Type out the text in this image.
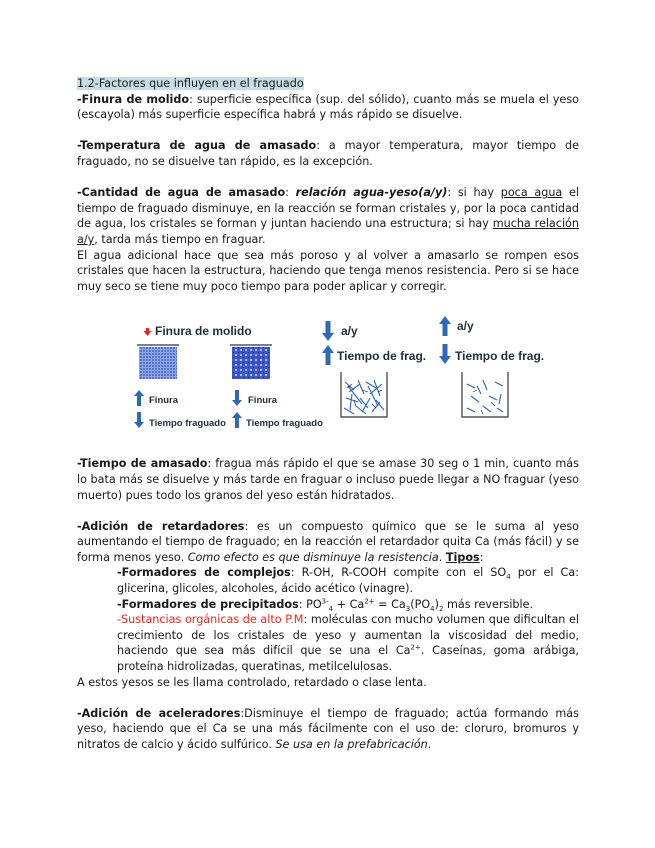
1.2-Factores que influyen en el fraguado

-Finura de molido: superficie específica (sup. del sólido), cuanto más se muela el yeso (escayola) más superficie específica habrá y más rápido se disuelve.

-Temperatura de agua de amasado: a mayor temperatura, mayor tiempo de fraguado, no se disuelve tan rápido, es la excepción.

-Cantidad de agua de amasado: relación agua-yeso(a/y): si hay poca agua el tiempo de fraguado disminuye, en la reacción se forman cristales y, por la poca cantidad de agua, los cristales se forman y juntan haciendo una estructura; si hay mucha relación a/y, tarda más tiempo en fraguar.

El agua adicional hace que sea más poroso y al volver a amasarlo se rompen esos cristales que hacen la estructura, haciendo que tenga menos resistencia. Pero si se hace muy seco se tiene muy poco tiempo para poder aplicar y corregir.

Finura de molido
Finura
Tiempo fraguado
Finura
Tiempo fraguado
a/y
Tiempo de frag.
a/y
Tiempo de frag.

-Tiempo de amasado: fragua más rápido el que se amase 30 seg o 1 min, cuanto más lo bata más se disuelve y más tarde en fraguar o incluso puede llegar a NO fraguar (yeso muerto) pues todo los granos del yeso están hidratados.

-Adición de retardadores: es un compuesto químico que se le suma al yeso aumentando el tiempo de fraguado; en la reacción el retardador quita Ca (más fácil) y se forma menos yeso. Como efecto es que disminuye la resistencia. Tipos:

-Formadores de complejos: R-OH, R-COOH compite con el $SO_4$ por el Ca: glicerina, glicoles, alcoholes, ácido acético (vinagre).

-Formadores de precipitados: $PO^{3-}_4 + Ca^{2+} = Ca_3(PO_4)_2$ más reversible.

-Sustancias orgánicas de alto P.M: moléculas con mucho volumen que dificultan el crecimiento de los cristales de yeso y aumentan la viscosidad del medio, haciendo que sea más difícil que se una el $Ca^{2+}$. Caseínas, goma arábiga, proteína hidrolizadas, queratinas, metilcelulosas.

A estos yesos se les llama controlado, retardado o clase lenta.

-Adición de aceleradores:Disminuye el tiempo de fraguado; actúa formando más yeso, haciendo que el Ca se una más fácilmente con el uso de: cloruro, bromuros y nitratos de calcio y ácido sulfúrico. Se usa en la prefabricación.
